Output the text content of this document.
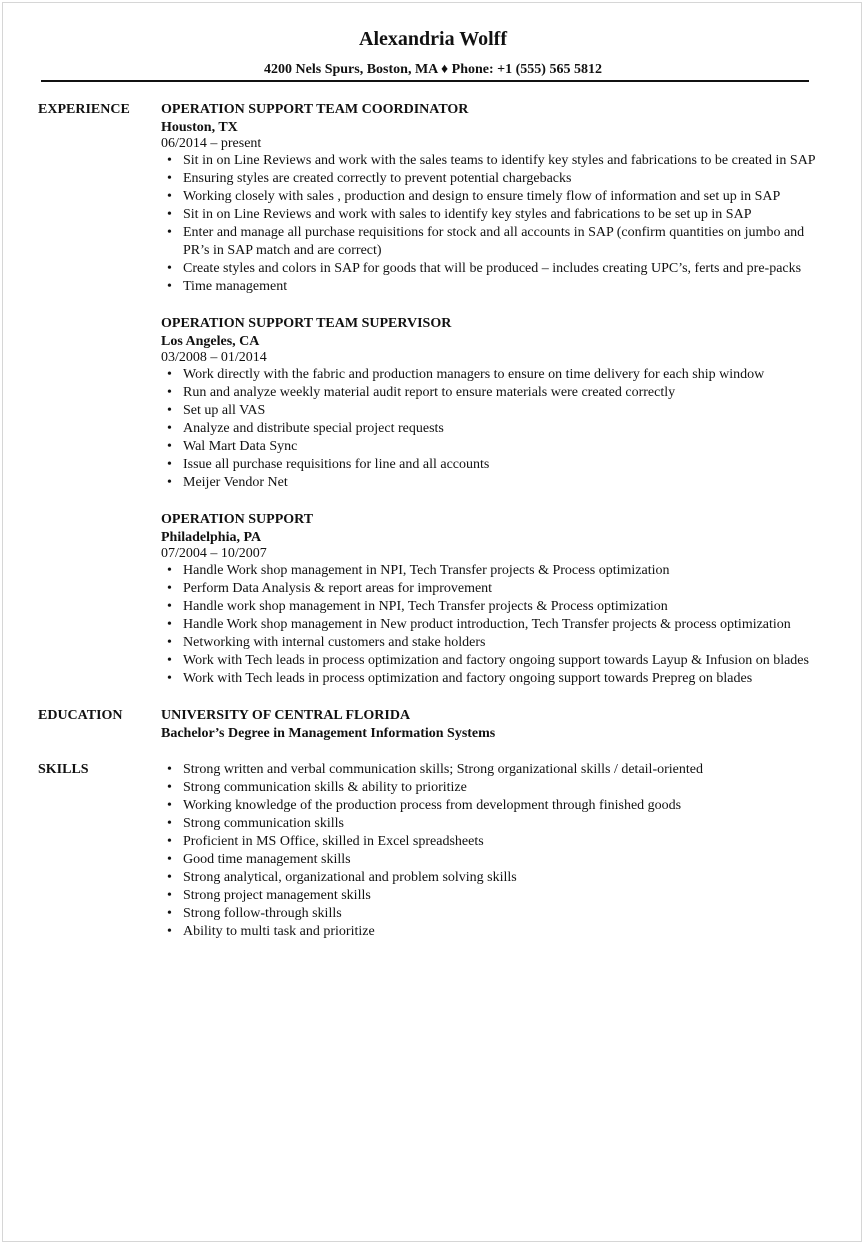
Alexandria Wolff
4200 Nels Spurs, Boston, MA ♦ Phone: +1 (555) 565 5812
EXPERIENCE	OPERATION SUPPORT TEAM COORDINATOR
Houston, TX
06/2014 – present
• Sit in on Line Reviews and work with the sales teams to identify key styles and fabrications to be created in SAP
• Ensuring styles are created correctly to prevent potential chargebacks
• Working closely with sales , production and design to ensure timely flow of information and set up in SAP
• Sit in on Line Reviews and work with sales to identify key styles and fabrications to be set up in SAP
• Enter and manage all purchase requisitions for stock and all accounts in SAP (confirm quantities on jumbo and PR’s in SAP match and are correct)
• Create styles and colors in SAP for goods that will be produced – includes creating UPC’s, ferts and pre-packs
• Time management
OPERATION SUPPORT TEAM SUPERVISOR
Los Angeles, CA
03/2008 – 01/2014
• Work directly with the fabric and production managers to ensure on time delivery for each ship window
• Run and analyze weekly material audit report to ensure materials were created correctly
• Set up all VAS
• Analyze and distribute special project requests
• Wal Mart Data Sync
• Issue all purchase requisitions for line and all accounts
• Meijer Vendor Net
OPERATION SUPPORT
Philadelphia, PA
07/2004 – 10/2007
• Handle Work shop management in NPI, Tech Transfer projects & Process optimization
• Perform Data Analysis & report areas for improvement
• Handle work shop management in NPI, Tech Transfer projects & Process optimization
• Handle Work shop management in New product introduction, Tech Transfer projects & process optimization
• Networking with internal customers and stake holders
• Work with Tech leads in process optimization and factory ongoing support towards Layup & Infusion on blades
• Work with Tech leads in process optimization and factory ongoing support towards Prepreg on blades
EDUCATION	UNIVERSITY OF CENTRAL FLORIDA
Bachelor’s Degree in Management Information Systems
SKILLS
•	Strong written and verbal communication skills; Strong organizational skills / detail-oriented
• Strong communication skills & ability to prioritize
• Working knowledge of the production process from development through finished goods
• Strong communication skills
• Proficient in MS Office, skilled in Excel spreadsheets
• Good time management skills
• Strong analytical, organizational and problem solving skills
• Strong project management skills
• Strong follow-through skills
• Ability to multi task and prioritize
